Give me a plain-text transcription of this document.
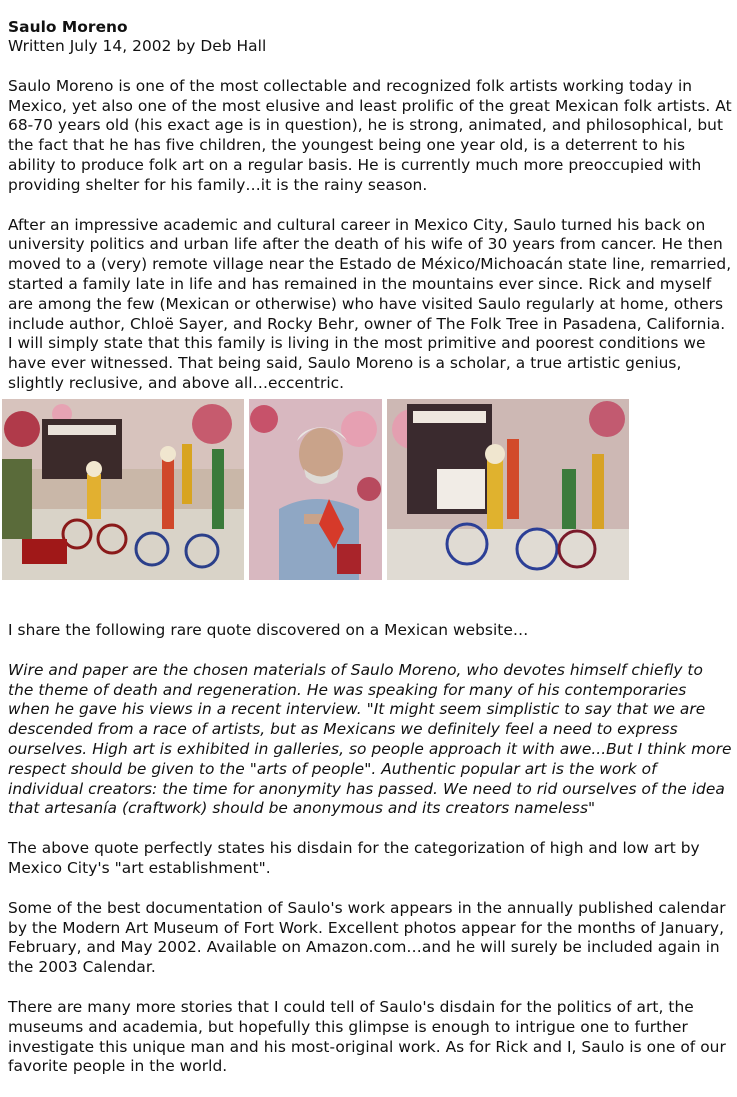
Saulo Moreno
Written July 14, 2002 by Deb Hall

Saulo Moreno is one of the most collectable and recognized folk artists working today in Mexico, yet also one of the most elusive and least prolific of the great Mexican folk artists. At 68-70 years old (his exact age is in question), he is strong, animated, and philosophical, but the fact that he has five children, the youngest being one year old, is a deterrent to his ability to produce folk art on a regular basis. He is currently much more preoccupied with providing shelter for his family…it is the rainy season.

After an impressive academic and cultural career in Mexico City, Saulo turned his back on university politics and urban life after the death of his wife of 30 years from cancer. He then moved to a (very) remote village near the Estado de México/Michoacán state line, remarried, started a family late in life and has remained in the mountains ever since. Rick and myself are among the few (Mexican or otherwise) who have visited Saulo regularly at home, others include author, Chloë Sayer, and Rocky Behr, owner of The Folk Tree in Pasadena, California. I will simply state that this family is living in the most primitive and poorest conditions we have ever witnessed. That being said, Saulo Moreno is a scholar, a true artistic genius, slightly reclusive, and above all…eccentric.

I share the following rare quote discovered on a Mexican website…

Wire and paper are the chosen materials of Saulo Moreno, who devotes himself chiefly to the theme of death and regeneration. He was speaking for many of his contemporaries when he gave his views in a recent interview. "It might seem simplistic to say that we are descended from a race of artists, but as Mexicans we definitely feel a need to express ourselves. High art is exhibited in galleries, so people approach it with awe...But I think more respect should be given to the "arts of people". Authentic popular art is the work of individual creators: the time for anonymity has passed. We need to rid ourselves of the idea that artesanía (craftwork) should be anonymous and its creators nameless"

The above quote perfectly states his disdain for the categorization of high and low art by Mexico City's "art establishment".

Some of the best documentation of Saulo's work appears in the annually published calendar by the Modern Art Museum of Fort Work. Excellent photos appear for the months of January, February, and May 2002. Available on Amazon.com…and he will surely be included again in the 2003 Calendar.

There are many more stories that I could tell of Saulo's disdain for the politics of art, the museums and academia, but hopefully this glimpse is enough to intrigue one to further investigate this unique man and his most-original work. As for Rick and I, Saulo is one of our favorite people in the world.
